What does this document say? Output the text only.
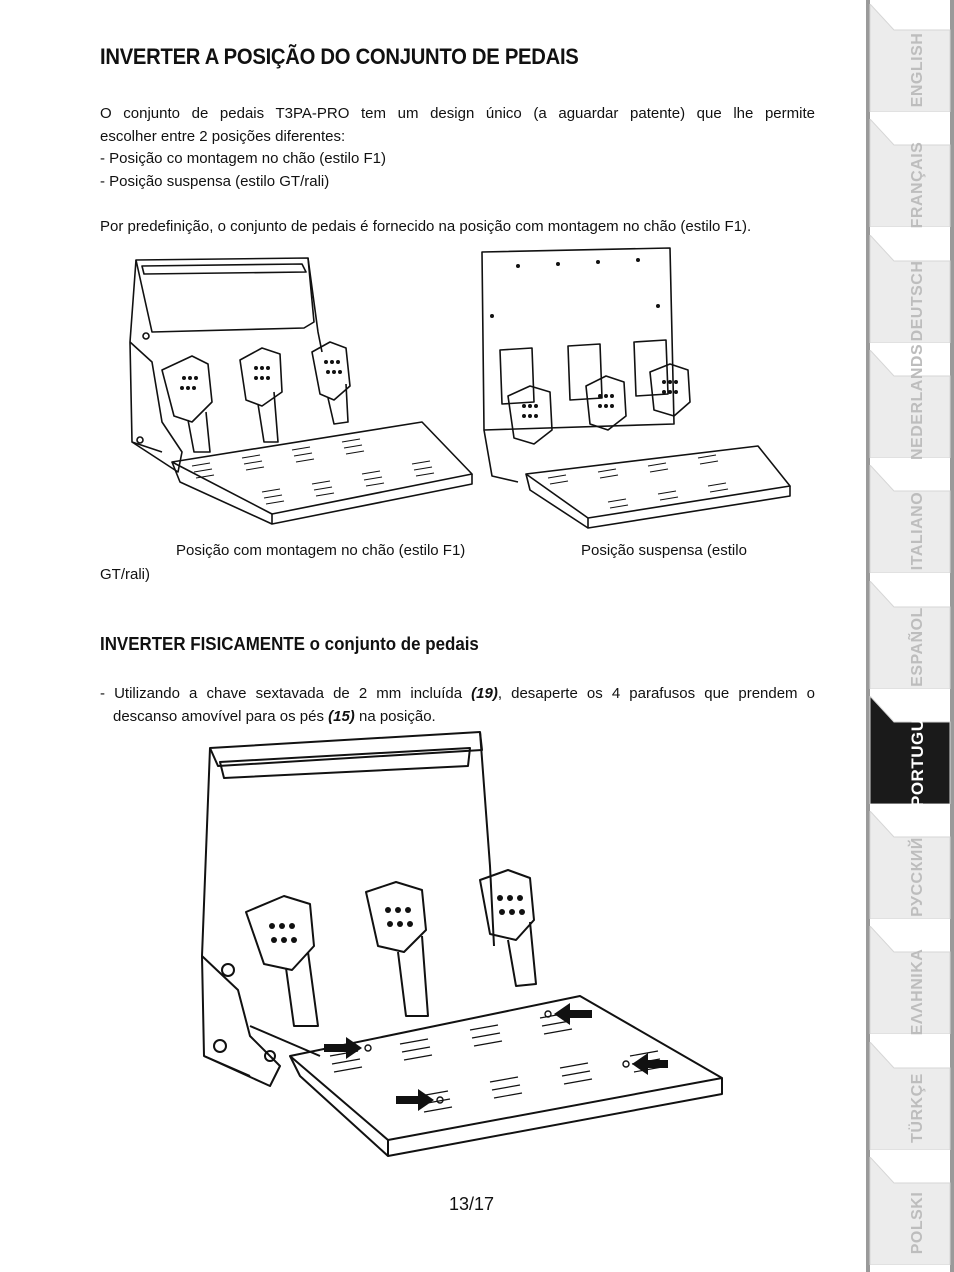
INVERTER A POSIÇÃO DO CONJUNTO DE PEDAIS
O conjunto de pedais T3PA-PRO tem um design único (a aguardar patente) que lhe permite
escolher entre 2 posições diferentes:
- Posição co montagem no chão (estilo F1)
- Posição suspensa (estilo GT/rali)
Por predefinição, o conjunto de pedais é fornecido na posição com montagem no chão (estilo F1).
Posição com montagem no chão (estilo F1)	Posição suspensa (estilo
GT/rali)
INVERTER FISICAMENTE o conjunto de pedais
- Utilizando a chave sextavada de 2 mm incluída (19), desaperte os 4 parafusos que prendem o
descanso amovível para os pés (15) na posição.
13/17
ENGLISH
FRANÇAIS
DEUTSCH
NEDERLANDS
ITALIANO
ESPAÑOL
PORTUGUES
РУССКИЙ
ΕΛΛΗΝΙΚΑ
TÜRKÇE
POLSKI
